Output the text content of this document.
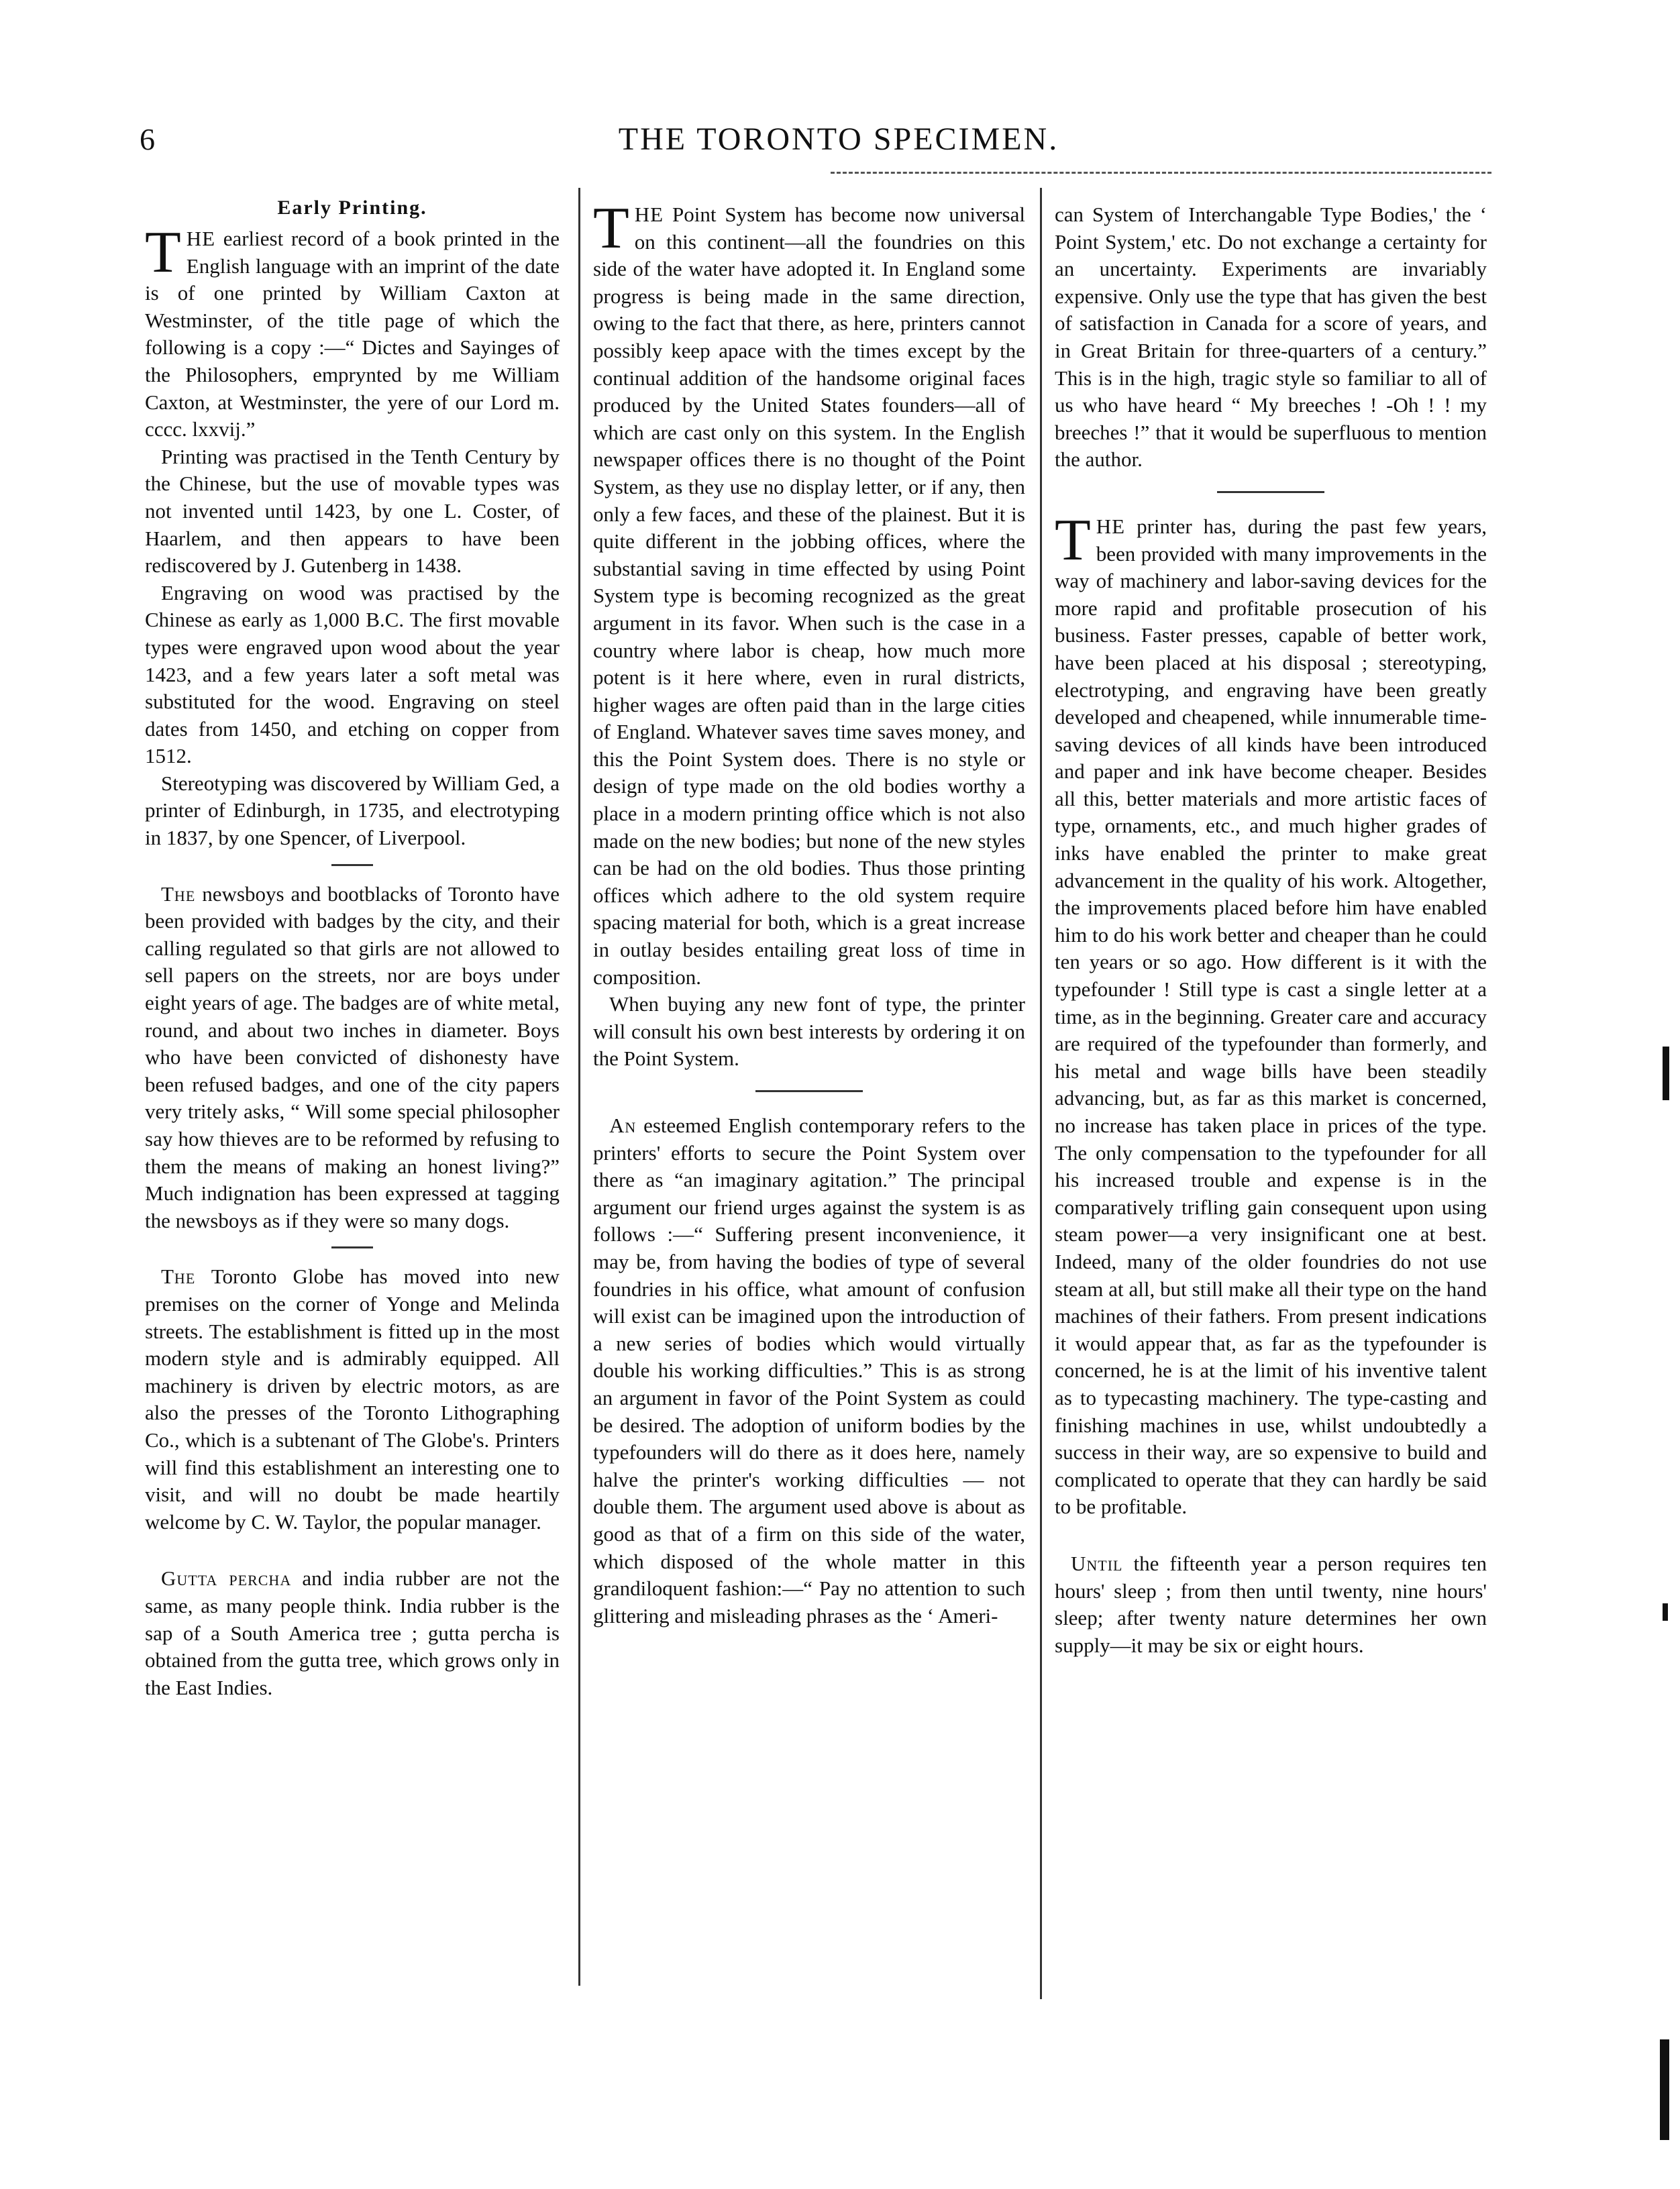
6	THE TORONTO SPECIMEN.
Early Printing.

THE earliest record of a book printed in the English language with an imprint of the date is of one printed by William Caxton at Westminster, of the title page of which the following is a copy :—“ Dictes and Sayinges of the Philosophers, emprynted by me William Caxton, at Westminster, the yere of our Lord m. cccc. lxxvij.”

Printing was practised in the Tenth Century by the Chinese, but the use of movable types was not invented until 1423, by one L. Coster, of Haarlem, and then appears to have been rediscovered by J. Gutenberg in 1438.

Engraving on wood was practised by the Chinese as early as 1,000 B.C. The first movable types were engraved upon wood about the year 1423, and a few years later a soft metal was substituted for the wood. Engraving on steel dates from 1450, and etching on copper from 1512.

Stereotyping was discovered by William Ged, a printer of Edinburgh, in 1735, and electrotyping in 1837, by one Spencer, of Liverpool.

The newsboys and bootblacks of Toronto have been provided with badges by the city, and their calling regulated so that girls are not allowed to sell papers on the streets, nor are boys under eight years of age. The badges are of white metal, round, and about two inches in diameter. Boys who have been convicted of dishonesty have been refused badges, and one of the city papers very tritely asks, “ Will some special philosopher say how thieves are to be reformed by refusing to them the means of making an honest living?” Much indignation has been expressed at tagging the newsboys as if they were so many dogs.

The Toronto Globe has moved into new premises on the corner of Yonge and Melinda streets. The establishment is fitted up in the most modern style and is admirably equipped. All machinery is driven by electric motors, as are also the presses of the Toronto Lithographing Co., which is a subtenant of The Globe's. Printers will find this establishment an interesting one to visit, and will no doubt be made heartily welcome by C. W. Taylor, the popular manager.

Gutta percha and india rubber are not the same, as many people think. India rubber is the sap of a South America tree ; gutta percha is obtained from the gutta tree, which grows only in the East Indies.

THE Point System has become now universal on this continent—all the foundries on this side of the water have adopted it. In England some progress is being made in the same direction, owing to the fact that there, as here, printers cannot possibly keep apace with the times except by the continual addition of the handsome original faces produced by the United States founders—all of which are cast only on this system. In the English newspaper offices there is no thought of the Point System, as they use no display letter, or if any, then only a few faces, and these of the plainest. But it is quite different in the jobbing offices, where the substantial saving in time effected by using Point System type is becoming recognized as the great argument in its favor. When such is the case in a country where labor is cheap, how much more potent is it here where, even in rural districts, higher wages are often paid than in the large cities of England. Whatever saves time saves money, and this the Point System does. There is no style or design of type made on the old bodies worthy a place in a modern printing office which is not also made on the new bodies; but none of the new styles can be had on the old bodies. Thus those printing offices which adhere to the old system require spacing material for both, which is a great increase in outlay besides entailing great loss of time in composition.

When buying any new font of type, the printer will consult his own best interests by ordering it on the Point System.

An esteemed English contemporary refers to the printers' efforts to secure the Point System over there as “an imaginary agitation.” The principal argument our friend urges against the system is as follows :—“ Suffering present inconvenience, it may be, from having the bodies of type of several foundries in his office, what amount of confusion will exist can be imagined upon the introduction of a new series of bodies which would virtually double his working difficulties.” This is as strong an argument in favor of the Point System as could be desired. The adoption of uniform bodies by the typefounders will do there as it does here, namely halve the printer's working difficulties — not double them. The argument used above is about as good as that of a firm on this side of the water, which disposed of the whole matter in this grandiloquent fashion:—“ Pay no attention to such glittering and misleading phrases as the ‘ Ameri-

can System of Interchangable Type Bodies,' the ‘ Point System,' etc. Do not exchange a certainty for an uncertainty. Experiments are invariably expensive. Only use the type that has given the best of satisfaction in Canada for a score of years, and in Great Britain for three-quarters of a century.” This is in the high, tragic style so familiar to all of us who have heard “ My breeches ! -Oh ! ! my breeches !” that it would be superfluous to mention the author.

THE printer has, during the past few years, been provided with many improvements in the way of machinery and labor-saving devices for the more rapid and profitable prosecution of his business. Faster presses, capable of better work, have been placed at his disposal ; stereotyping, electrotyping, and engraving have been greatly developed and cheapened, while innumerable time-saving devices of all kinds have been introduced and paper and ink have become cheaper. Besides all this, better materials and more artistic faces of type, ornaments, etc., and much higher grades of inks have enabled the printer to make great advancement in the quality of his work. Altogether, the improvements placed before him have enabled him to do his work better and cheaper than he could ten years or so ago. How different is it with the typefounder ! Still type is cast a single letter at a time, as in the beginning. Greater care and accuracy are required of the typefounder than formerly, and his metal and wage bills have been steadily advancing, but, as far as this market is concerned, no increase has taken place in prices of the type. The only compensation to the typefounder for all his increased trouble and expense is in the comparatively trifling gain consequent upon using steam power—a very insignificant one at best. Indeed, many of the older foundries do not use steam at all, but still make all their type on the hand machines of their fathers. From present indications it would appear that, as far as the typefounder is concerned, he is at the limit of his inventive talent as to typecasting machinery. The type-casting and finishing machines in use, whilst undoubtedly a success in their way, are so expensive to build and complicated to operate that they can hardly be said to be profitable.

Until the fifteenth year a person requires ten hours' sleep ; from then until twenty, nine hours' sleep; after twenty nature determines her own supply—it may be six or eight hours.
